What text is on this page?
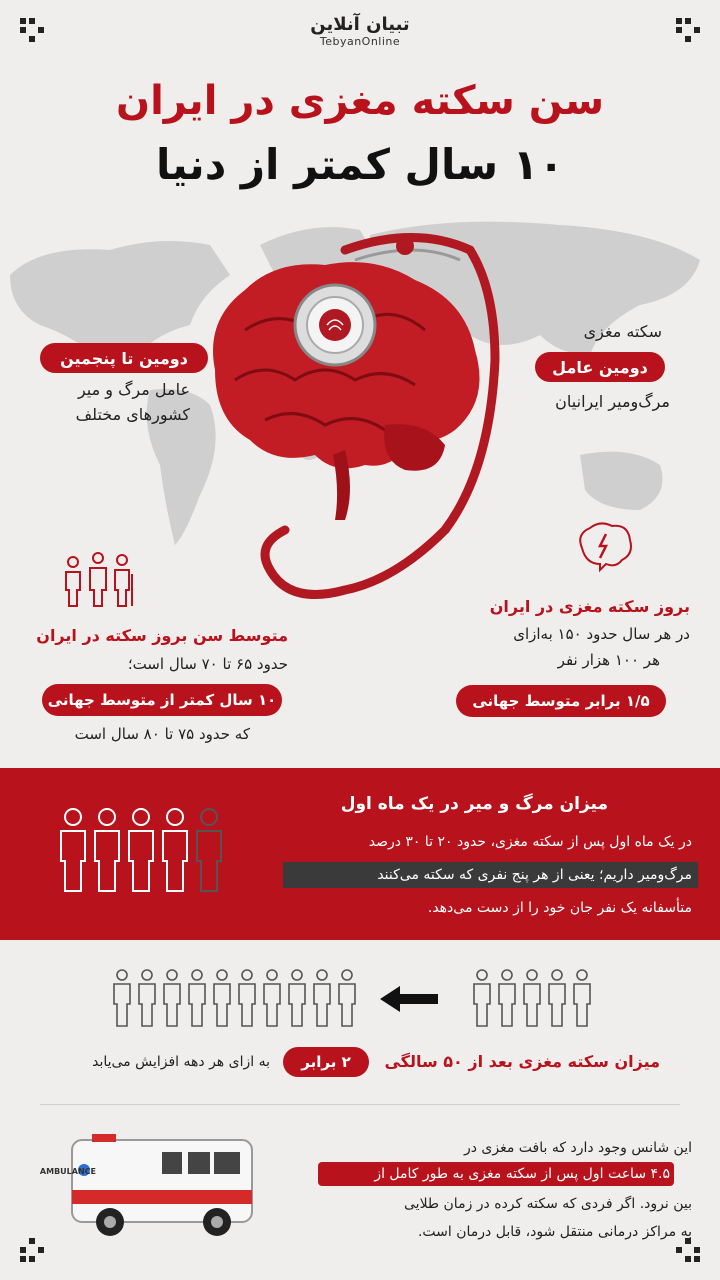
تبیان آنلاین
TebyanOnline
سن سکته مغزی در ایران
۱۰ سال کمتر از دنیا
دومین تا پنجمین
عامل مرگ و میر
کشورهای مختلف
سکته مغزی
دومین عامل
مرگ‌ومیر ایرانیان
متوسط سن بروز سکته در ایران
حدود ۶۵ تا ۷۰ سال است؛
۱۰ سال کمتر از متوسط جهانی
که حدود ۷۵ تا ۸۰ سال است
بروز سکته مغزی در ایران
در هر سال حدود ۱۵۰ به‌ازای
هر ۱۰۰ هزار نفر
۱/۵ برابر متوسط جهانی
میزان مرگ و میر در یک ماه اول
در یک ماه اول پس از سکته مغزی، حدود ۲۰ تا ۳۰ درصد
مرگ‌ومیر داریم؛ یعنی از هر پنج نفری که سکته می‌کنند
متأسفانه یک نفر جان خود را از دست می‌دهد.
میزان سکته مغزی بعد از ۵۰ سالگی
۲ برابر
به ازای هر دهه افزایش می‌یابد
AMBULANCE
این شانس وجود دارد که بافت مغزی در
۴.۵ ساعت اول پس از سکته مغزی به طور کامل از
بین نرود. اگر فردی که سکته کرده در زمان طلایی
به مراکز درمانی منتقل شود، قابل درمان است.
